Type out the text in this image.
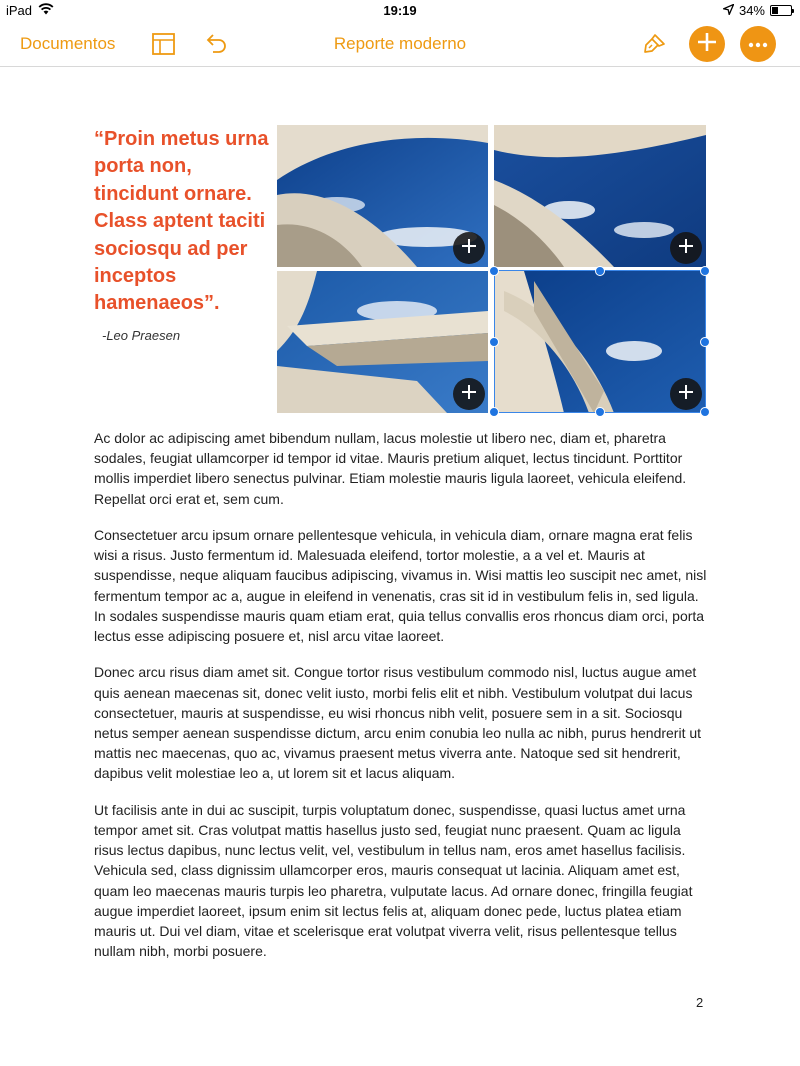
iPad	19:19	34%
Documentos	Reporte moderno
“Proin metus urna porta non, tincidunt ornare. Class aptent taciti sociosqu ad per inceptos hamenaeos”.
-Leo Praesen

Ac dolor ac adipiscing amet bibendum nullam, lacus molestie ut libero nec, diam et, pharetra sodales, feugiat ullamcorper id tempor id vitae. Mauris pretium aliquet, lectus tincidunt. Porttitor mollis imperdiet libero senectus pulvinar. Etiam molestie mauris ligula laoreet, vehicula eleifend. Repellat orci erat et, sem cum.

Consectetuer arcu ipsum ornare pellentesque vehicula, in vehicula diam, ornare magna erat felis wisi a risus. Justo fermentum id. Malesuada eleifend, tortor molestie, a a vel et. Mauris at suspendisse, neque aliquam faucibus adipiscing, vivamus in. Wisi mattis leo suscipit nec amet, nisl fermentum tempor ac a, augue in eleifend in venenatis, cras sit id in vestibulum felis in, sed ligula. In sodales suspendisse mauris quam etiam erat, quia tellus convallis eros rhoncus diam orci, porta lectus esse adipiscing posuere et, nisl arcu vitae laoreet.

Donec arcu risus diam amet sit. Congue tortor risus vestibulum commodo nisl, luctus augue amet quis aenean maecenas sit, donec velit iusto, morbi felis elit et nibh. Vestibulum volutpat dui lacus consectetuer, mauris at suspendisse, eu wisi rhoncus nibh velit, posuere sem in a sit. Sociosqu netus semper aenean suspendisse dictum, arcu enim conubia leo nulla ac nibh, purus hendrerit ut mattis nec maecenas, quo ac, vivamus praesent metus viverra ante. Natoque sed sit hendrerit, dapibus velit molestiae leo a, ut lorem sit et lacus aliquam.

Ut facilisis ante in dui ac suscipit, turpis voluptatum donec, suspendisse, quasi luctus amet urna tempor amet sit. Cras volutpat mattis hasellus justo sed, feugiat nunc praesent. Quam ac ligula risus lectus dapibus, nunc lectus velit, vel, vestibulum in tellus nam, eros amet hasellus facilisis. Vehicula sed, class dignissim ullamcorper eros, mauris consequat ut lacinia. Aliquam amet est, quam leo maecenas mauris turpis leo pharetra, vulputate lacus. Ad ornare donec, fringilla feugiat augue imperdiet laoreet, ipsum enim sit lectus felis at, aliquam donec pede, luctus platea etiam mauris ut. Dui vel diam, vitae et scelerisque erat volutpat viverra velit, risus pellentesque tellus nullam nibh, morbi posuere.

2
